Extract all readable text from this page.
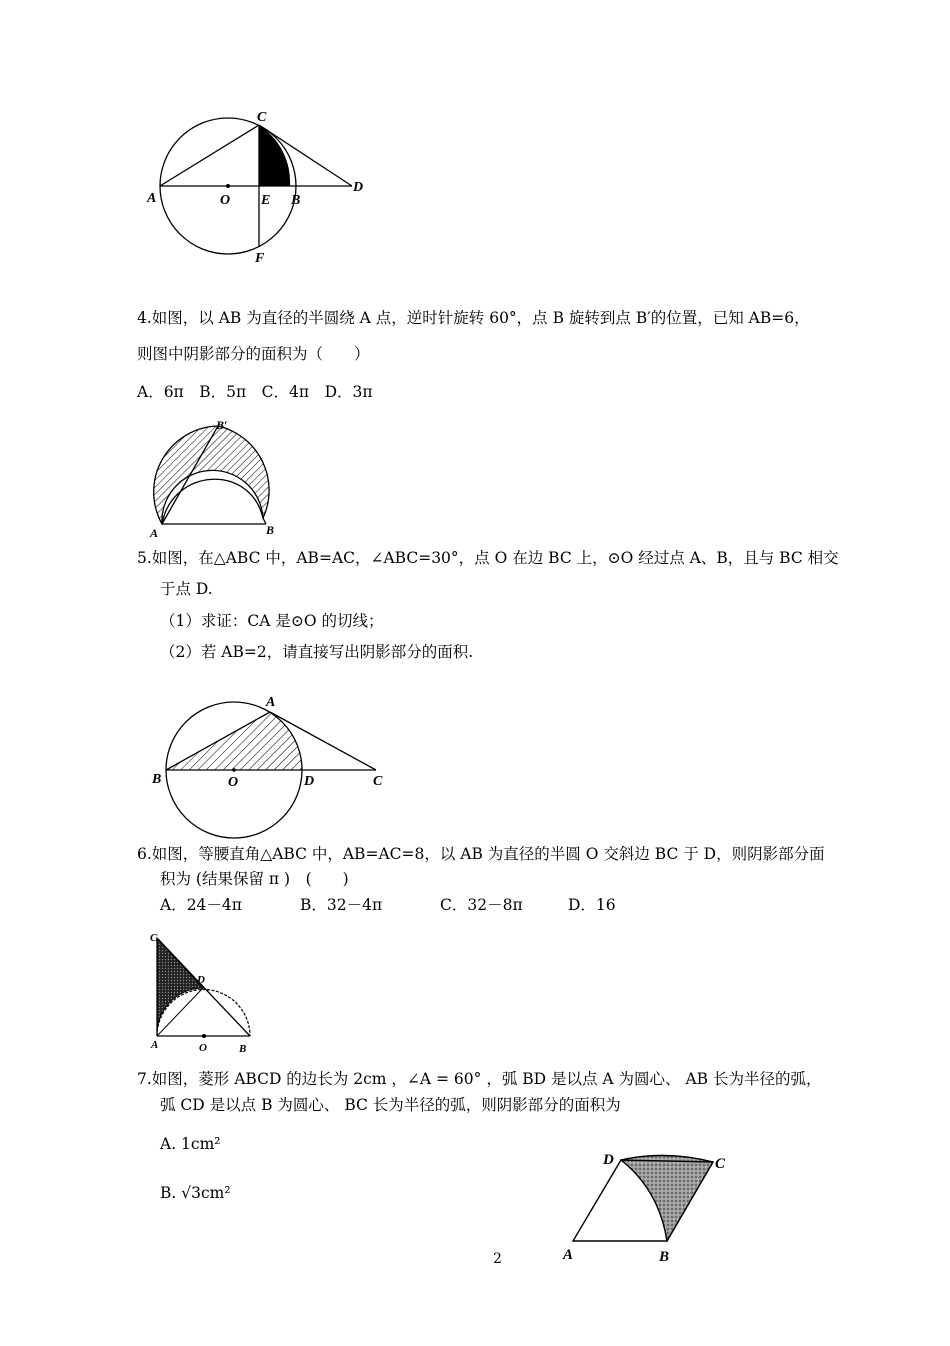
C
A	O E B
D
F
4.如图，以 AB 为直径的半圆绕 A 点，逆时针旋转 60°，点 B 旋转到点 B′的位置，已知 AB=6，
则图中阴影部分的面积为（　　）
A．6π　B．5π　C．4π　D．3π
A	B
B′
5.如图，在△ABC 中，AB=AC，∠ABC=30°，点 O 在边 BC 上，⊙O 经过点 A、B，且与 BC 相交
于点 D.
（1）求证：CA 是⊙O 的切线；
（2）若 AB=2，请直接写出阴影部分的面积.
A
B	O	D	C
6.如图，等腰直角△ABC 中，AB=AC=8，以 AB 为直径的半圆 O 交斜边 BC 于 D，则阴影部分面
积为 (结果保留 π )　(　　)
A．24－4π	B．32－4π	C．32－8π	D．16
C
D
A	O	B
7.如图，菱形 ABCD 的边长为 2cm ，∠A = 60° ，弧 BD 是以点 A 为圆心、 AB 长为半径的弧，
弧 CD 是以点 B 为圆心、 BC 长为半径的弧，则阴影部分的面积为
A. 1cm²
B. √3cm²
D	C
A	B
2
